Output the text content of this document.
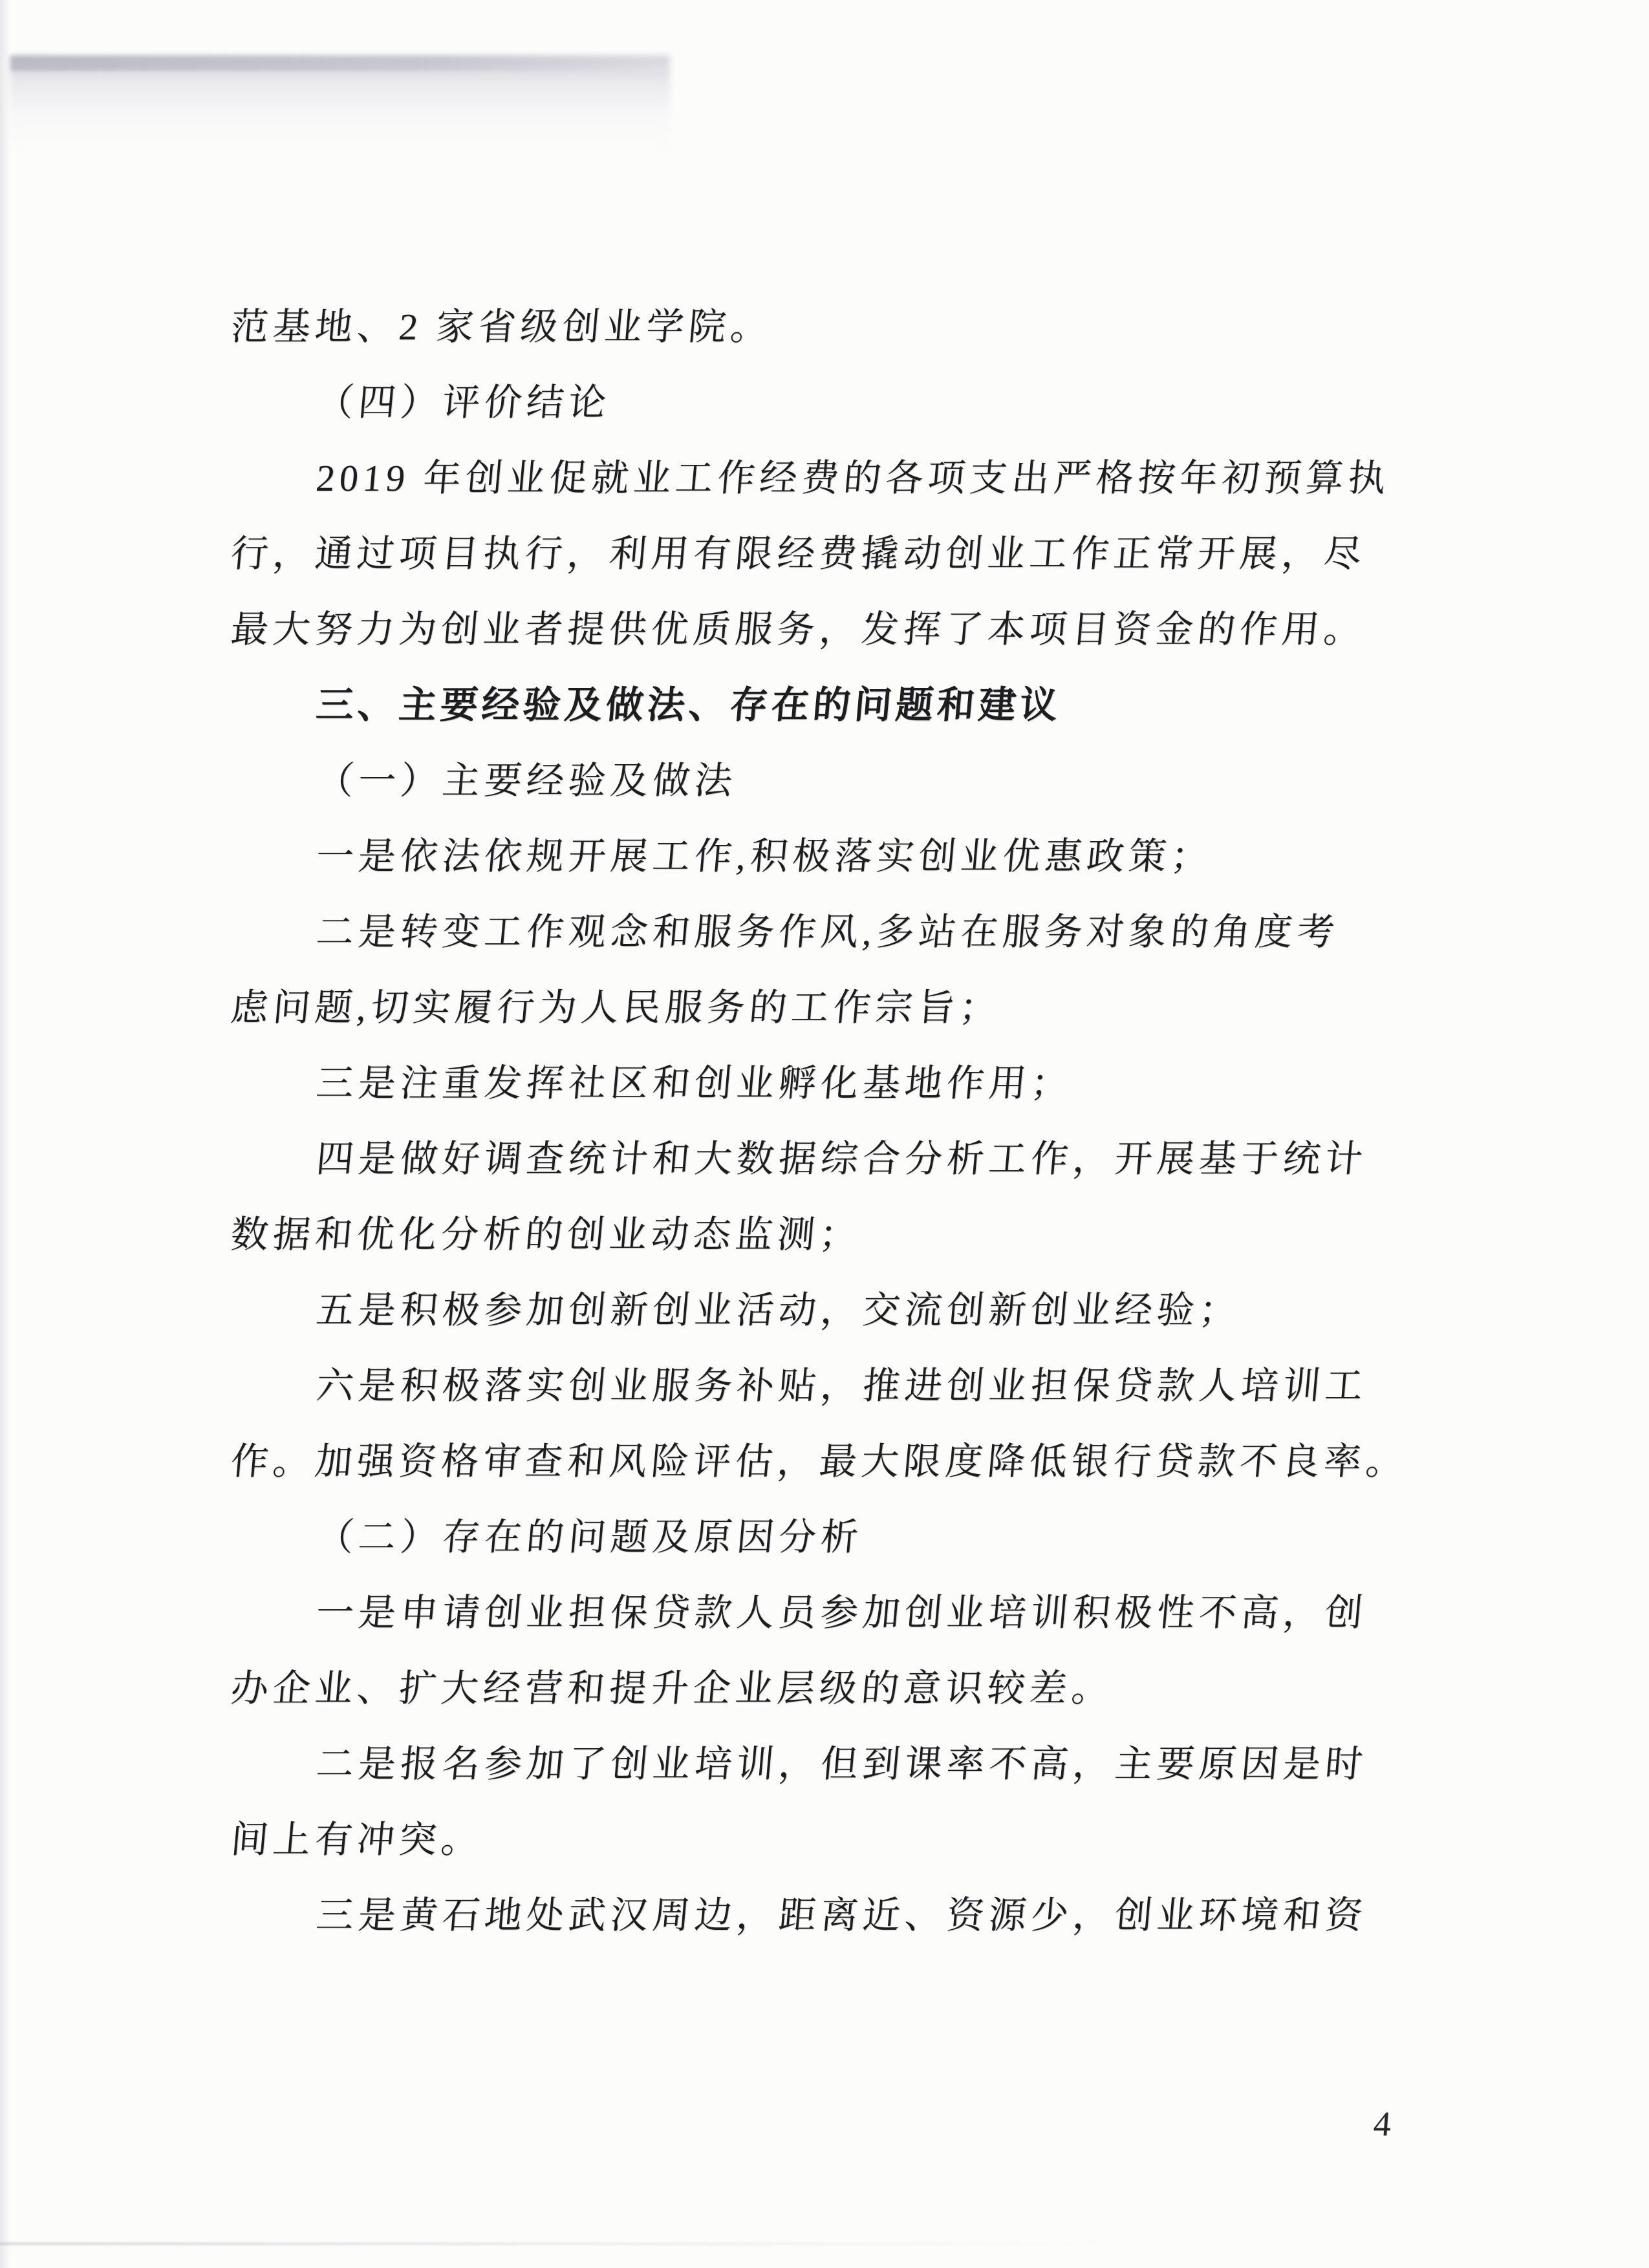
范基地、2 家省级创业学院。
（四）评价结论
2019 年创业促就业工作经费的各项支出严格按年初预算执
行，通过项目执行，利用有限经费撬动创业工作正常开展，尽
最大努力为创业者提供优质服务，发挥了本项目资金的作用。
三、主要经验及做法、存在的问题和建议
（一）主要经验及做法
一是依法依规开展工作,积极落实创业优惠政策；
二是转变工作观念和服务作风,多站在服务对象的角度考
虑问题,切实履行为人民服务的工作宗旨；
三是注重发挥社区和创业孵化基地作用；
四是做好调查统计和大数据综合分析工作，开展基于统计
数据和优化分析的创业动态监测；
五是积极参加创新创业活动，交流创新创业经验；
六是积极落实创业服务补贴，推进创业担保贷款人培训工
作。加强资格审查和风险评估，最大限度降低银行贷款不良率。
（二）存在的问题及原因分析
一是申请创业担保贷款人员参加创业培训积极性不高，创
办企业、扩大经营和提升企业层级的意识较差。
二是报名参加了创业培训，但到课率不高，主要原因是时
间上有冲突。
三是黄石地处武汉周边，距离近、资源少，创业环境和资
4
